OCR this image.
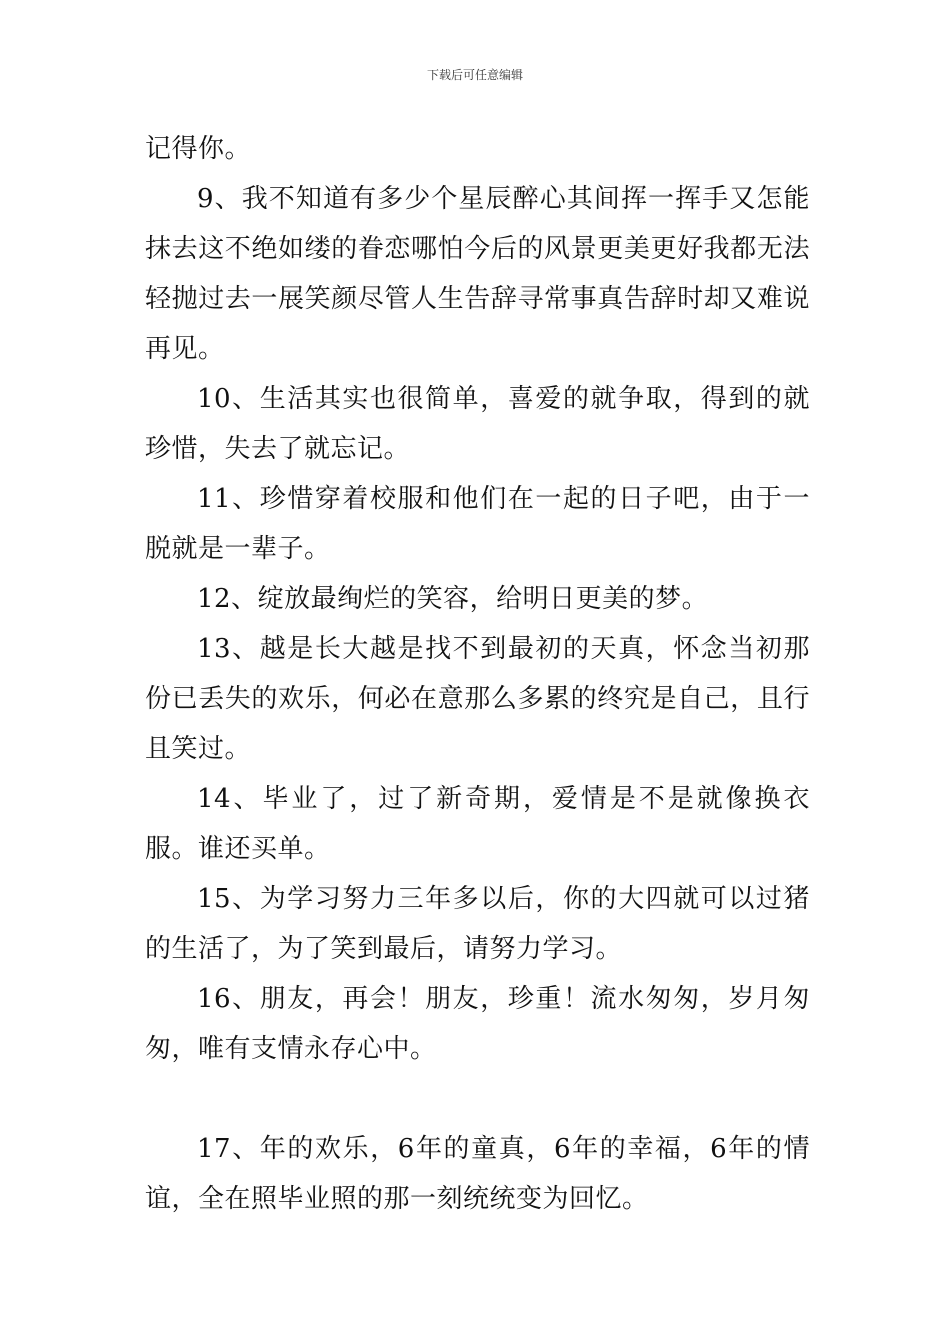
下载后可任意编辑

记得你。

9、我不知道有多少个星辰醉心其间挥一挥手又怎能抹去这不绝如缕的眷恋哪怕今后的风景更美更好我都无法轻抛过去一展笑颜尽管人生告辞寻常事真告辞时却又难说再见。

10、生活其实也很简单，喜爱的就争取，得到的就珍惜，失去了就忘记。

11、珍惜穿着校服和他们在一起的日子吧，由于一脱就是一辈子。

12、绽放最绚烂的笑容，给明日更美的梦。

13、越是长大越是找不到最初的天真，怀念当初那份已丢失的欢乐，何必在意那么多累的终究是自己，且行且笑过。

14、毕业了，过了新奇期，爱情是不是就像换衣服。谁还买单。

15、为学习努力三年多以后，你的大四就可以过猪的生活了，为了笑到最后，请努力学习。

16、朋友，再会！朋友，珍重！流水匆匆，岁月匆匆，唯有支情永存心中。

17、年的欢乐，6年的童真，6年的幸福，6年的情谊，全在照毕业照的那一刻统统变为回忆。
